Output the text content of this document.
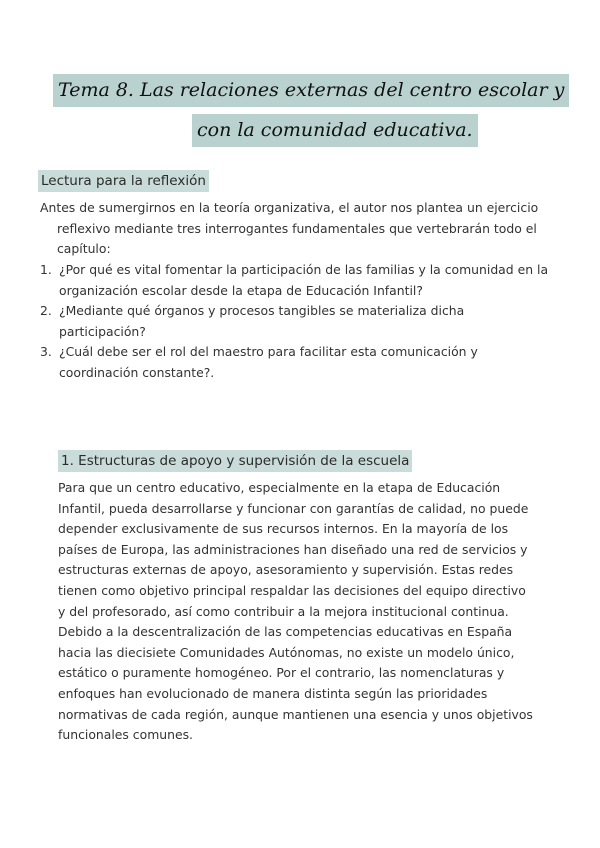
Tema 8. Las relaciones externas del centro escolar y
con la comunidad educativa.
Lectura para la reflexión
Antes de sumergirnos en la teoría organizativa, el autor nos plantea un ejercicio reflexivo mediante tres interrogantes fundamentales que vertebrarán todo el capítulo:
1. ¿Por qué es vital fomentar la participación de las familias y la comunidad en la organización escolar desde la etapa de Educación Infantil?
2. ¿Mediante qué órganos y procesos tangibles se materializa dicha participación?
3. ¿Cuál debe ser el rol del maestro para facilitar esta comunicación y coordinación constante?.
1. Estructuras de apoyo y supervisión de la escuela
Para que un centro educativo, especialmente en la etapa de Educación Infantil, pueda desarrollarse y funcionar con garantías de calidad, no puede depender exclusivamente de sus recursos internos. En la mayoría de los países de Europa, las administraciones han diseñado una red de servicios y estructuras externas de apoyo, asesoramiento y supervisión. Estas redes tienen como objetivo principal respaldar las decisiones del equipo directivo y del profesorado, así como contribuir a la mejora institucional continua. Debido a la descentralización de las competencias educativas en España hacia las diecisiete Comunidades Autónomas, no existe un modelo único, estático o puramente homogéneo. Por el contrario, las nomenclaturas y enfoques han evolucionado de manera distinta según las prioridades normativas de cada región, aunque mantienen una esencia y unos objetivos funcionales comunes.
